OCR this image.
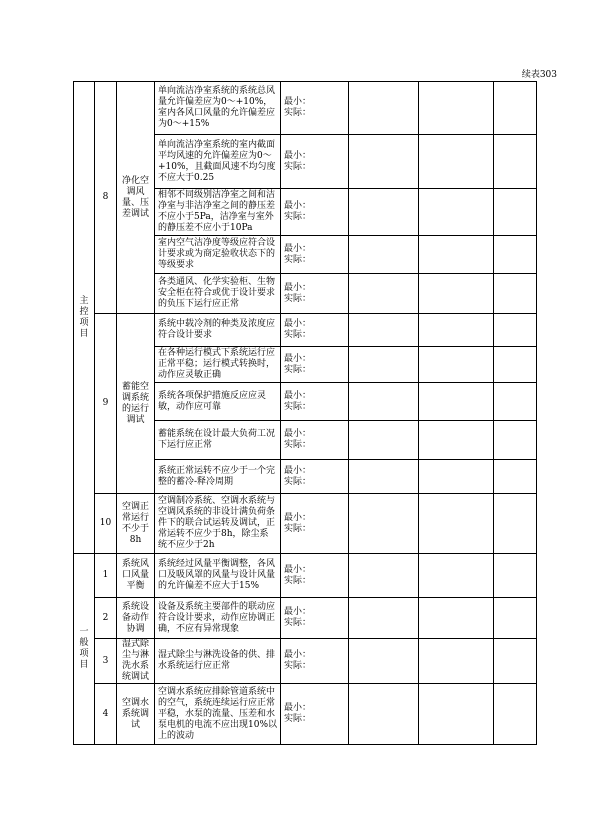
续表303
主控项目	8	净化空调风量、压差调试	单向流洁净室系统的系统总风量允许偏差应为0～+10%，室内各风口风量的允许偏差应为0～+15%	最小：
实际：			

			单向流洁净室系统的室内截面平均风速的允许偏差应为0～+10%，且截面风速不均匀度不应大于0.25	最小：
实际：			

			相邻不同级别洁净室之间和洁净室与非洁净室之间的静压差不应小于5Pa，洁净室与室外的静压差不应小于10Pa	最小：
实际：			

			室内空气洁净度等级应符合设计要求或为商定验收状态下的等级要求	最小：
实际：			

			各类通风、化学实验柜、生物安全柜在符合或优于设计要求的负压下运行应正常	最小：
实际：			

	9	蓄能空调系统的运行调试	系统中载冷剂的种类及浓度应符合设计要求	最小：
实际：			

			在各种运行模式下系统运行应正常平稳；运行模式转换时，动作应灵敏正确	最小：
实际：			

			系统各项保护措施反应应灵敏，动作应可靠	最小：
实际：			

			蓄能系统在设计最大负荷工况下运行应正常	最小：
实际：			

			系统正常运转不应少于一个完整的蓄冷-释冷周期	最小：
实际：			

	10	空调正常运行不少于8h	空调制冷系统、空调水系统与空调风系统的非设计满负荷条件下的联合试运转及调试，正常运转不应少于8h，除尘系统不应少于2h	最小：
实际：			

一般项目	1	系统风口风量平衡	系统经过风量平衡调整，各风口及吸风罩的风量与设计风量的允许偏差不应大于15%	最小：
实际：			

	2	系统设备动作协调	设备及系统主要部件的联动应符合设计要求，动作应协调正确，不应有异常现象	最小：
实际：			

	3	湿式除尘与淋洗水系统调试	湿式除尘与淋洗设备的供、排水系统运行应正常	最小：
实际：			

	4	空调水系统调试	空调水系统应排除管道系统中的空气，系统连续运行应正常平稳，水泵的流量、压差和水泵电机的电流不应出现10%以上的波动	最小：
实际：			
